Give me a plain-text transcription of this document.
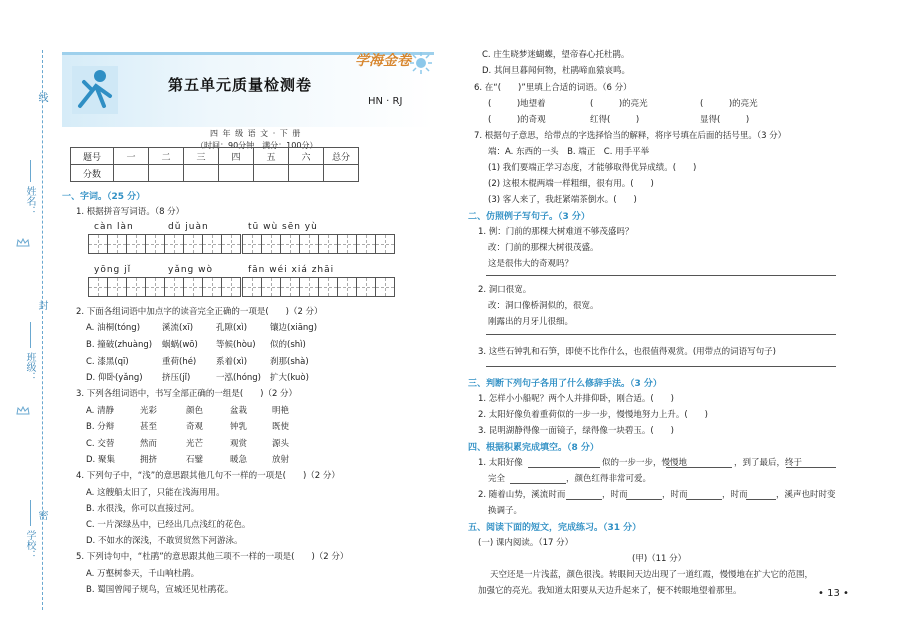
线
封
密
姓名：
班级：
学校：
学海金卷
第五单元质量检测卷
HN · RJ
四 年 级 语 文 · 下 册
（时间：90分钟　满分：100分）
题号	一	二	三	四	五	六	总分
分数							
一、字词。（25 分）
1. 根据拼音写词语。（8 分）
càn làn	dǔ juàn	tū wù sēn yù
yōng jǐ	yǎng wò	fān wéi xiá zhāi
2. 下面各组词语中加点字的读音完全正确的一项是(　　)（2 分）
A. 油桐(tóng)	溪流(xī)	孔隙(xì)	镶边(xiāng)
B. 撞破(zhuàng) 蜗蜗(wō) 等候(hòu) 似的(shì)
C. 漆黑(qī)	重荷(hé) 系着(xì)	刹那(shà)
D. 仰卧(yǎng) 挤压(jǐ)	一泓(hóng) 扩大(kuò)
3. 下列各组词语中，书写全部正确的一组是(　　)（2 分）
A. 清静	光彩	颜色	盆栽	明艳
B. 分辩	甚至	奇观	钟乳	既使
C. 交替	然而	光芒	观赏	源头
D. 聚集	拥挤	石鐾	暖急	放射
4. 下列句子中，“浅”的意思跟其他几句不一样的一项是(　　)（2 分）
A. 这艘船太旧了，只能在浅海用用。
B. 水很浅，你可以直接过河。
C. 一片深绿丛中，已经出几点浅红的花色。
D. 不如水的深浅，不敢贸贸然下河游泳。
5. 下列诗句中，“杜鹃”的意思跟其他三项不一样的一项是(　　)（2 分）
A. 万壑树参天，千山响杜鹃。
B. 蜀国曾闻子规鸟，宣城还见杜鹃花。
C. 庄生晓梦迷蝴蝶，望帝春心托杜鹃。
D. 其间旦暮闻何物，杜鹃啼血猿哀鸣。
6. 在“(　　)”里填上合适的词语。（6 分）
(　　　)地望着	(　　　)的亮光	(　　　)的亮光
(　　　)的奇观	红得(　　　)	显得(　　　)
7. 根据句子意思，给带点的字选择恰当的解释，将序号填在后面的括号里。（3 分）
端：A. 东西的一头　B. 端正　C. 用手平举
(1) 我们要端正学习态度，才能够取得优异成绩。(　　)
(2) 这根木棍两端一样粗细，很有用。(　　)
(3) 客人来了，我赶紧端茶倒水。(　　)
二、仿照例子写句子。（3 分）
1. 例：门前的那棵大树难道不够茂盛吗？
改：门前的那棵大树很茂盛。
这是很伟大的奇观吗？
2. 洞口很宽。
改：洞口像桥洞似的，很宽。
刚露出的月牙儿很细。
3. 这些石钟乳和石笋，即使不比作什么，也很值得观赏。(用带点的词语写句子)
三、判断下列句子各用了什么修辞手法。（3 分）
1. 怎样小小船呢？两个人并排仰卧，刚合适。(　　)
2. 太阳好像负着重荷似的一步一步，慢慢地努力上升。(　　)
3. 昆明湖静得像一面镜子，绿得像一块碧玉。(　　)
四、根据积累完成填空。（8 分）
1. 太阳好像	似的一步一步，慢慢地	，到了最后，终于
完全	，颜色红得非常可爱。
2. 随着山势，溪流时而	，时而	，时而	，时而	，溪声也时时变
换调子。
五、阅读下面的短文，完成练习。（31 分）
(一) 课内阅读。（17 分）
(甲)（11 分）
天空还是一片浅蓝，颜色很浅。转眼间天边出现了一道红霞，慢慢地在扩大它的范围，
加强它的亮光。我知道太阳要从天边升起来了，便不转眼地望着那里。	• 13 •
